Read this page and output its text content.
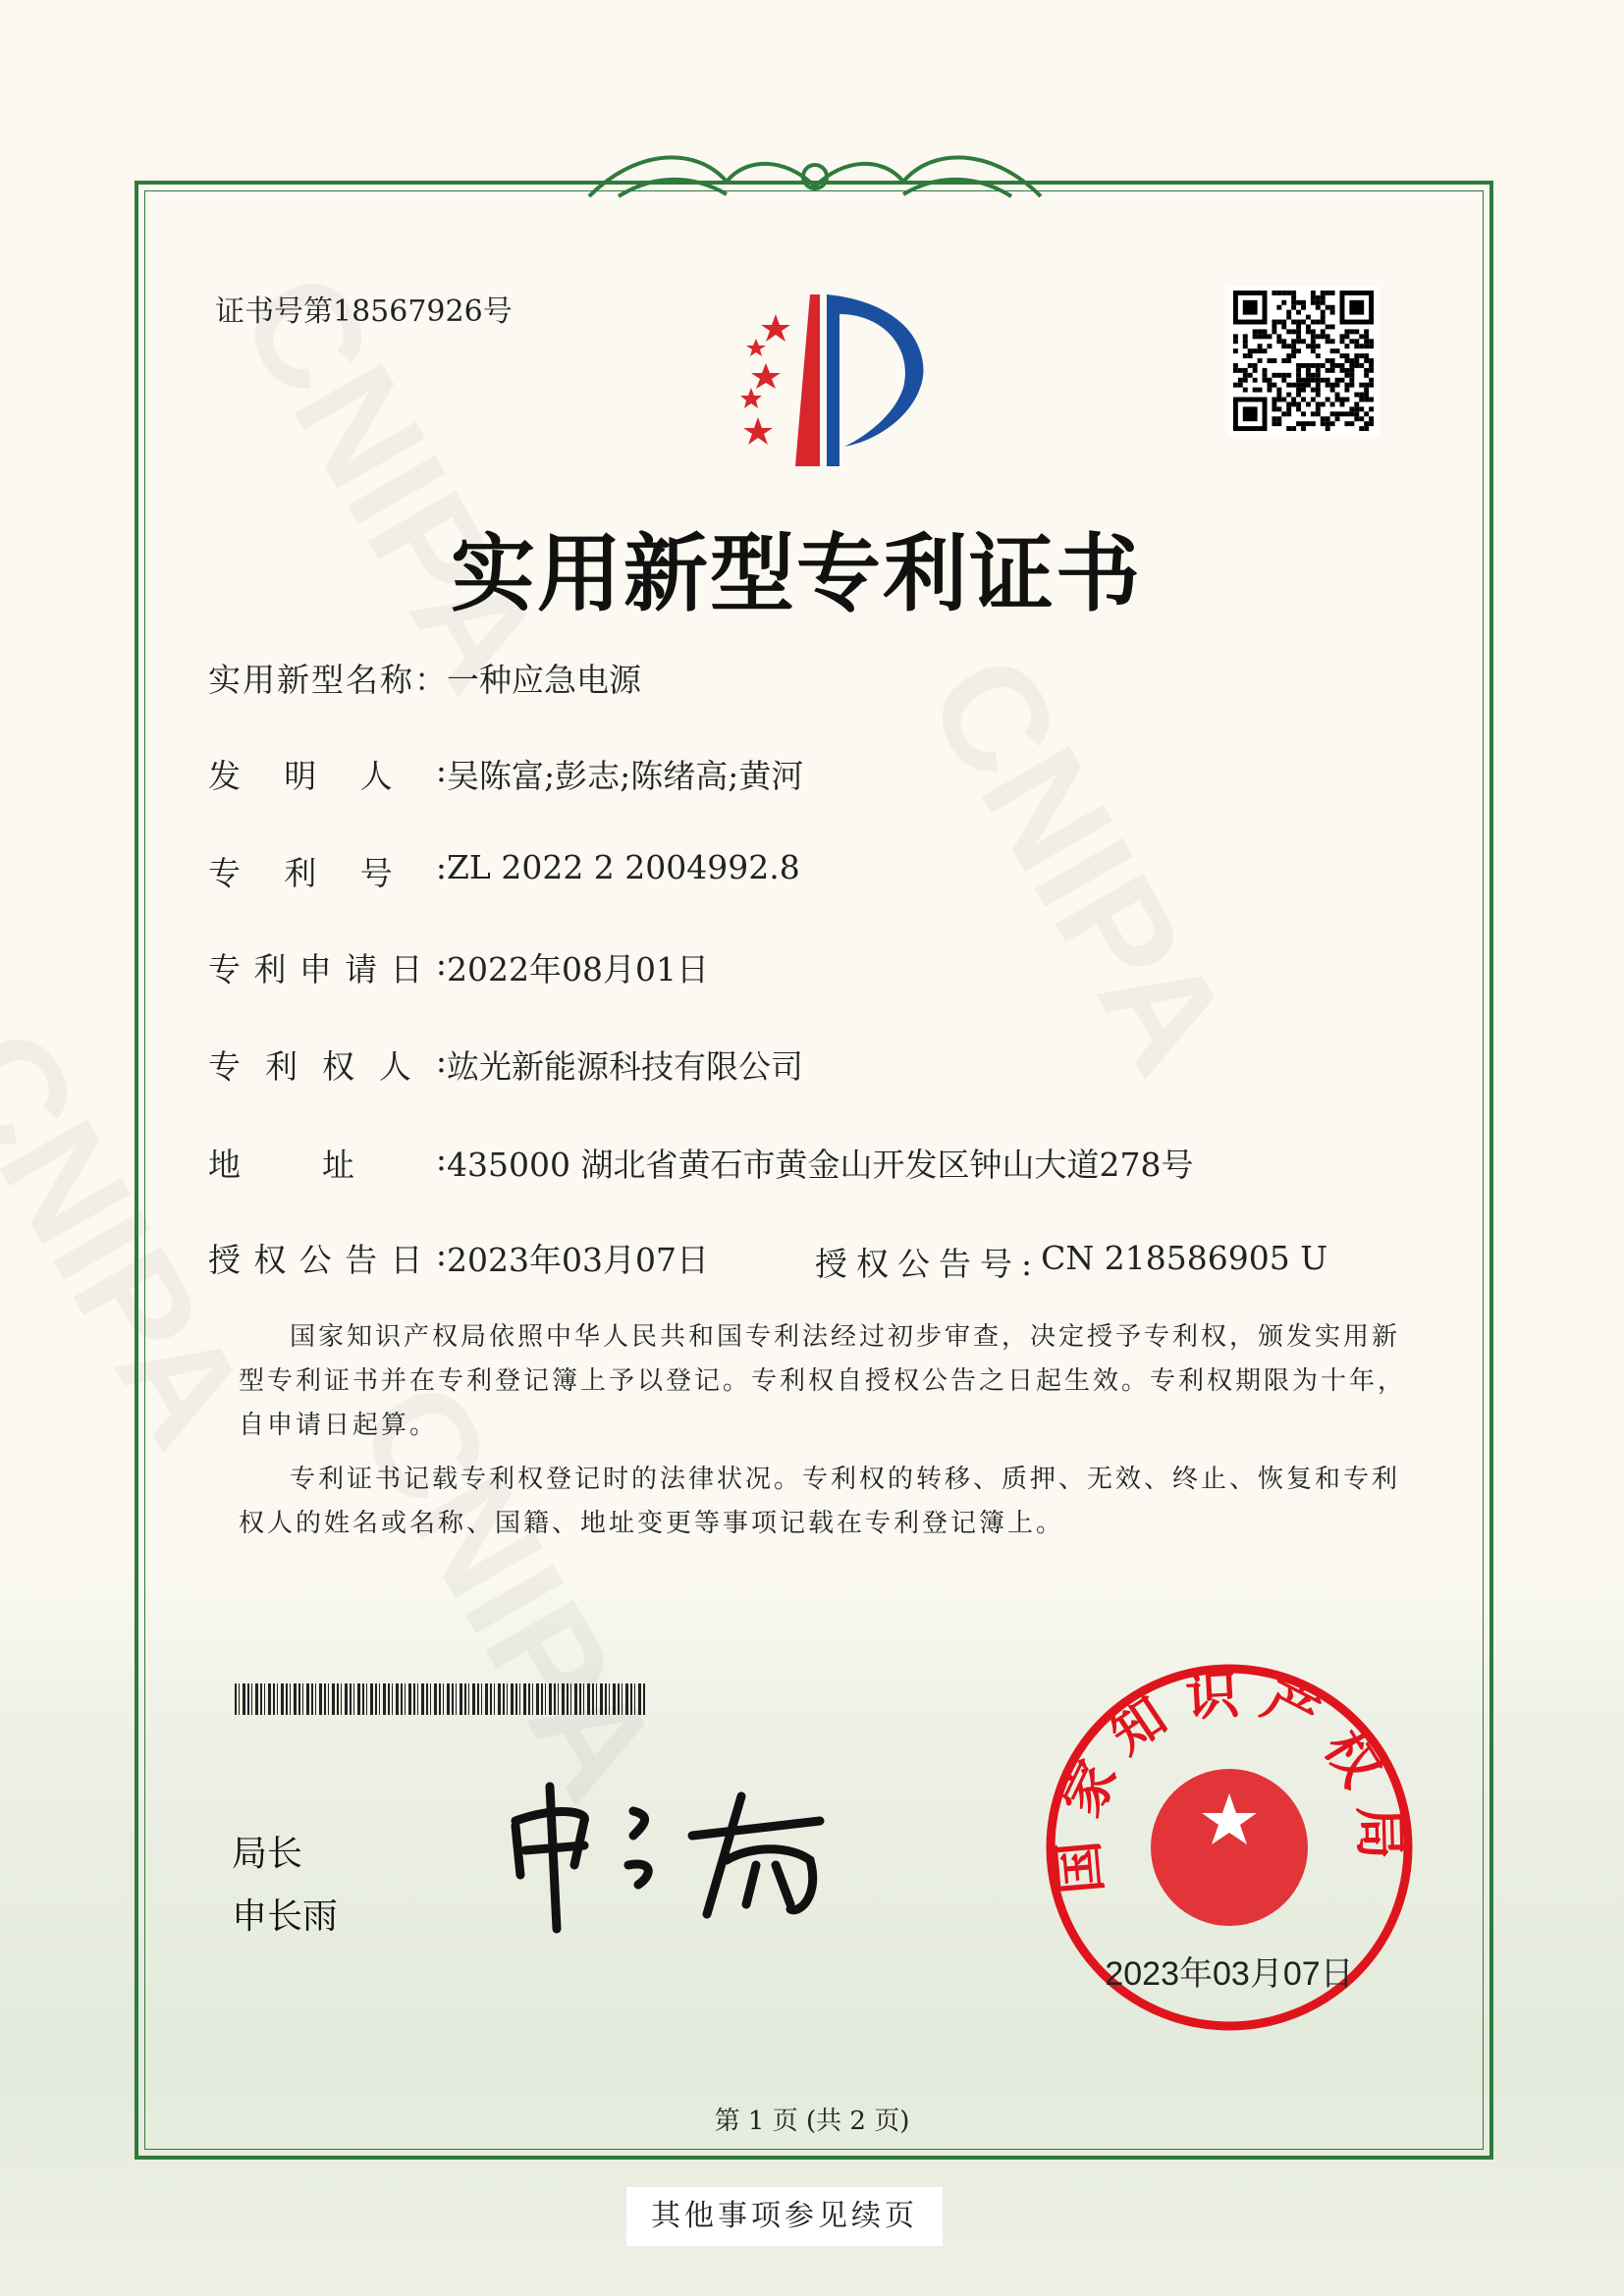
证书号第18567926号
实用新型专利证书
实 用 新 型 名 称 ： 一种应急电源
发 明 人 : 吴陈富;彭志;陈绪高;黄河
专 利 号 : ZL 2022 2 2004992.8
专 利 申 请 日 : 2022年08月01日
专 利 权 人 : 竑光新能源科技有限公司
地	址	: 435000 湖北省黄石市黄金山开发区钟山大道278号
授 权 公 告 日 : 2023年03月07日	授权公告号: CN 218586905 U

国家知识产权局依照中华人民共和国专利法经过初步审查，决定授予专利权，颁发实用新型专利证书并在专利登记簿上予以登记。专利权自授权公告之日起生效。专利权期限为十年，自申请日起算。

专利证书记载专利权登记时的法律状况。专利权的转移、质押、无效、终止、恢复和专利权人的姓名或名称、国籍、地址变更等事项记载在专利登记簿上。

局长
申长雨
国家知识产权局
2023年03月07日
第 1 页 (共 2 页)
其他事项参见续页
